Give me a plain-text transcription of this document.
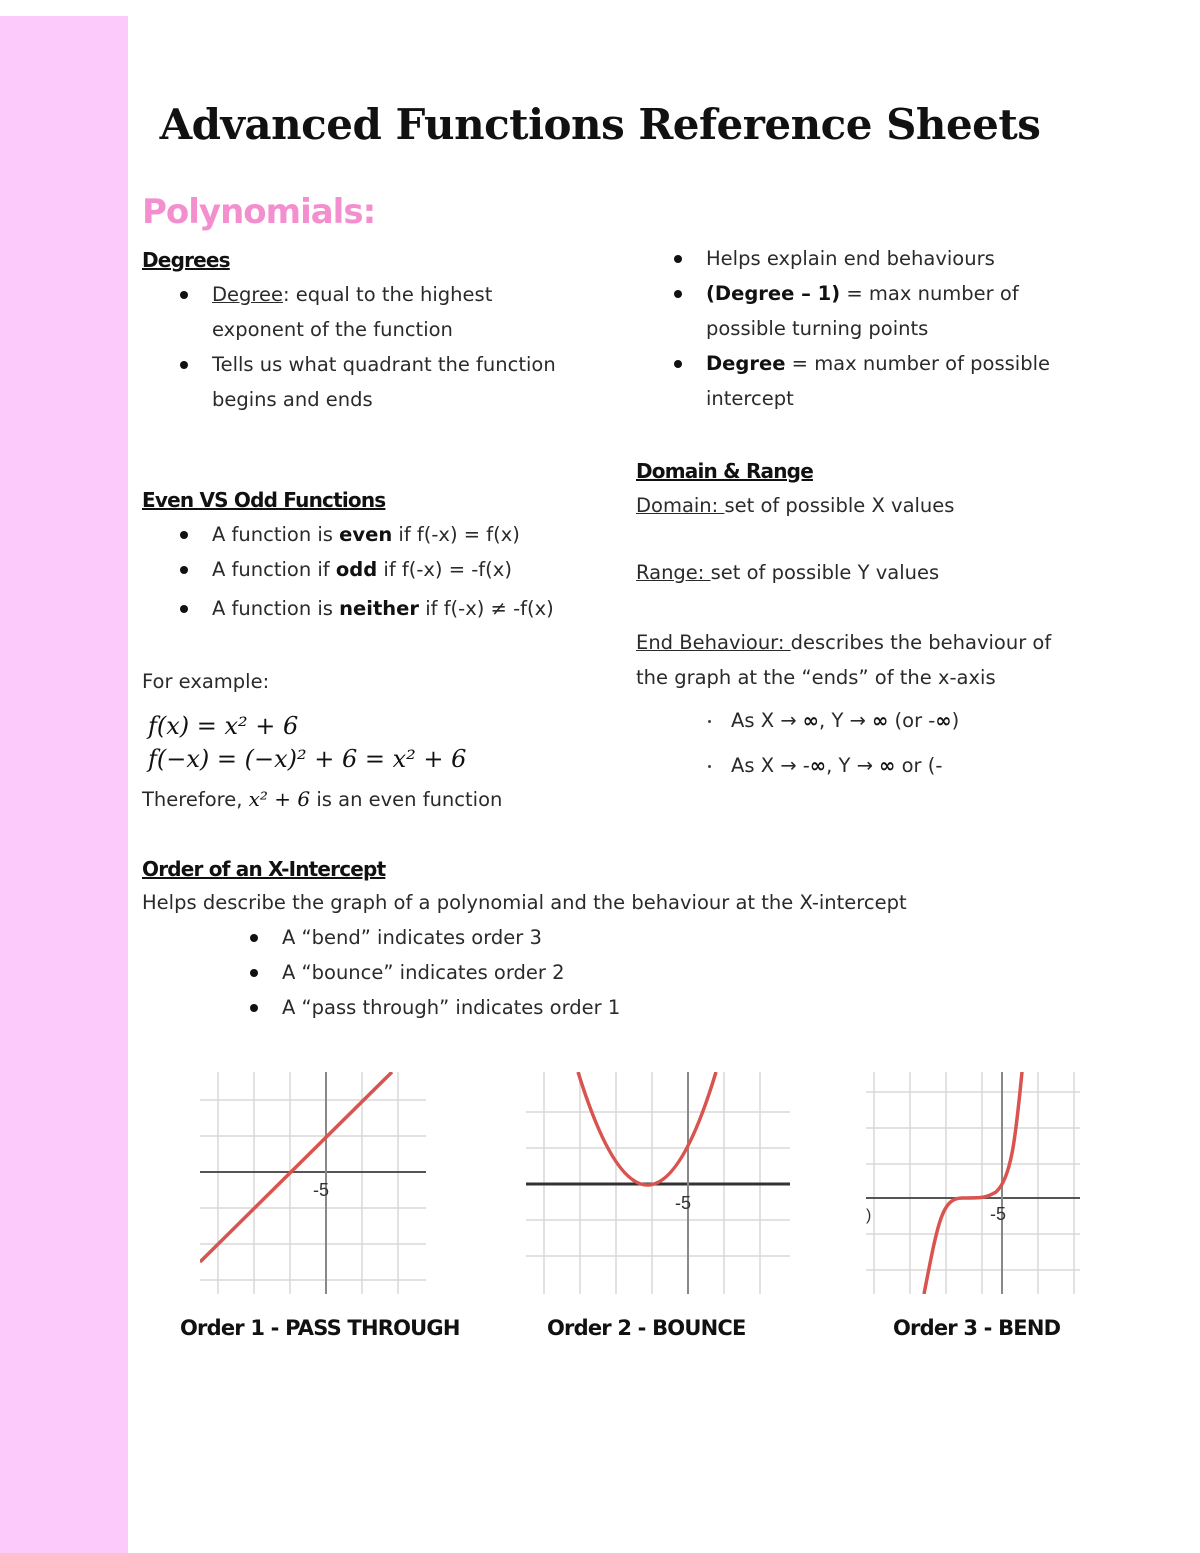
Advanced Functions Reference Sheets
Polynomials:
Degrees
Degree: equal to the highest
exponent of the function
Tells us what quadrant the function
begins and ends
Helps explain end behaviours
(Degree – 1) = max number of
possible turning points
Degree = max number of possible
intercept
Even VS Odd Functions
A function is even if f(-x) = f(x)
A function if odd if f(-x) = -f(x)
A function is neither if f(-x) ≠ -f(x)
For example:
f(x) = x² + 6
f(−x) = (−x)² + 6 = x² + 6
Therefore, x² + 6 is an even function
Domain & Range
Domain: set of possible X values
Range: set of possible Y values
End Behaviour: describes the behaviour of
the graph at the “ends” of the x-axis
As X → ∞, Y → ∞ (or -∞)
As X → -∞, Y → ∞ or (-
Order of an X-Intercept
Helps describe the graph of a polynomial and the behaviour at the X-intercept
A “bend” indicates order 3
A “bounce” indicates order 2
A “pass through” indicates order 1
-5
-5
)	-5
Order 1 - PASS THROUGH	Order 2 - BOUNCE	Order 3 - BEND
